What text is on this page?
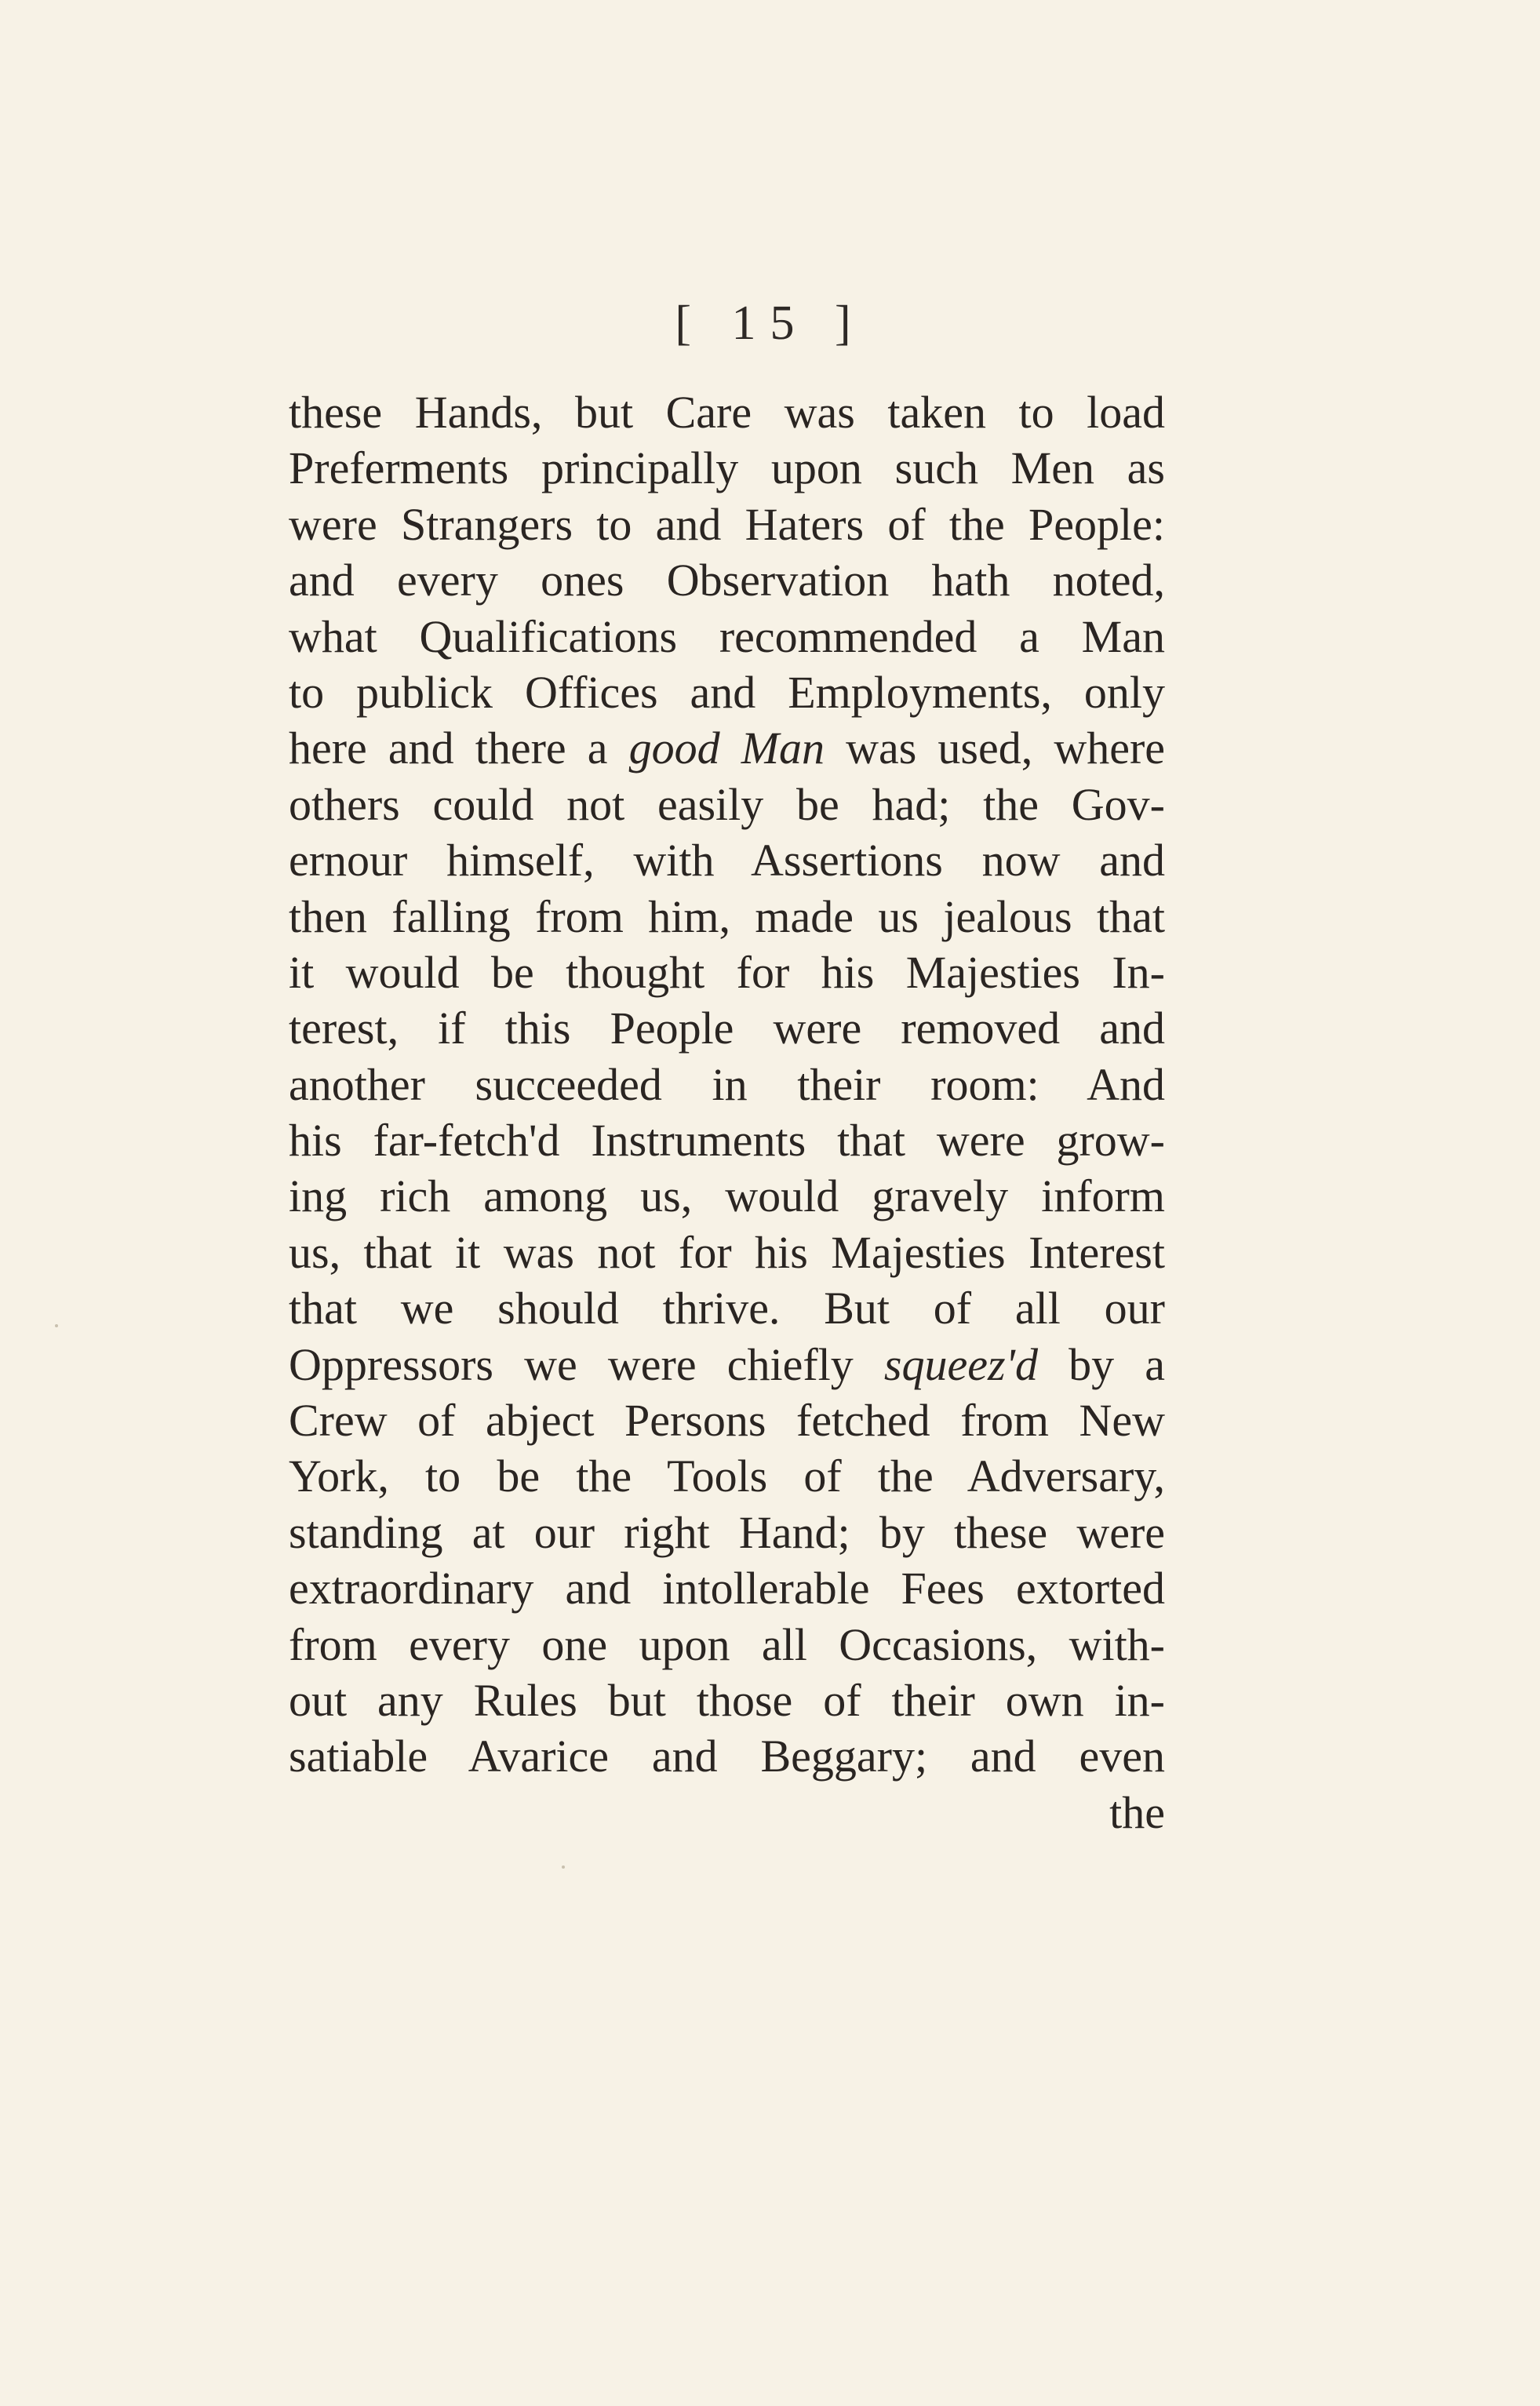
[ 15 ]
these Hands, but Care was taken to load
Preferments principally upon such Men as
were Strangers to and Haters of the People:
and every ones Observation hath noted,
what Qualifications recommended a Man
to publick Offices and Employments, only
here and there a good Man was used, where
others could not easily be had; the Gov-
ernour himself, with Assertions now and
then falling from him, made us jealous that
it would be thought for his Majesties In-
terest, if this People were removed and
another succeeded in their room: And
his far-fetch'd Instruments that were grow-
ing rich among us, would gravely inform
us, that it was not for his Majesties Interest
that we should thrive. But of all our
Oppressors we were chiefly squeez'd by a
Crew of abject Persons fetched from New
York, to be the Tools of the Adversary,
standing at our right Hand; by these were
extraordinary and intollerable Fees extorted
from every one upon all Occasions, with-
out any Rules but those of their own in-
satiable Avarice and Beggary; and even
the
